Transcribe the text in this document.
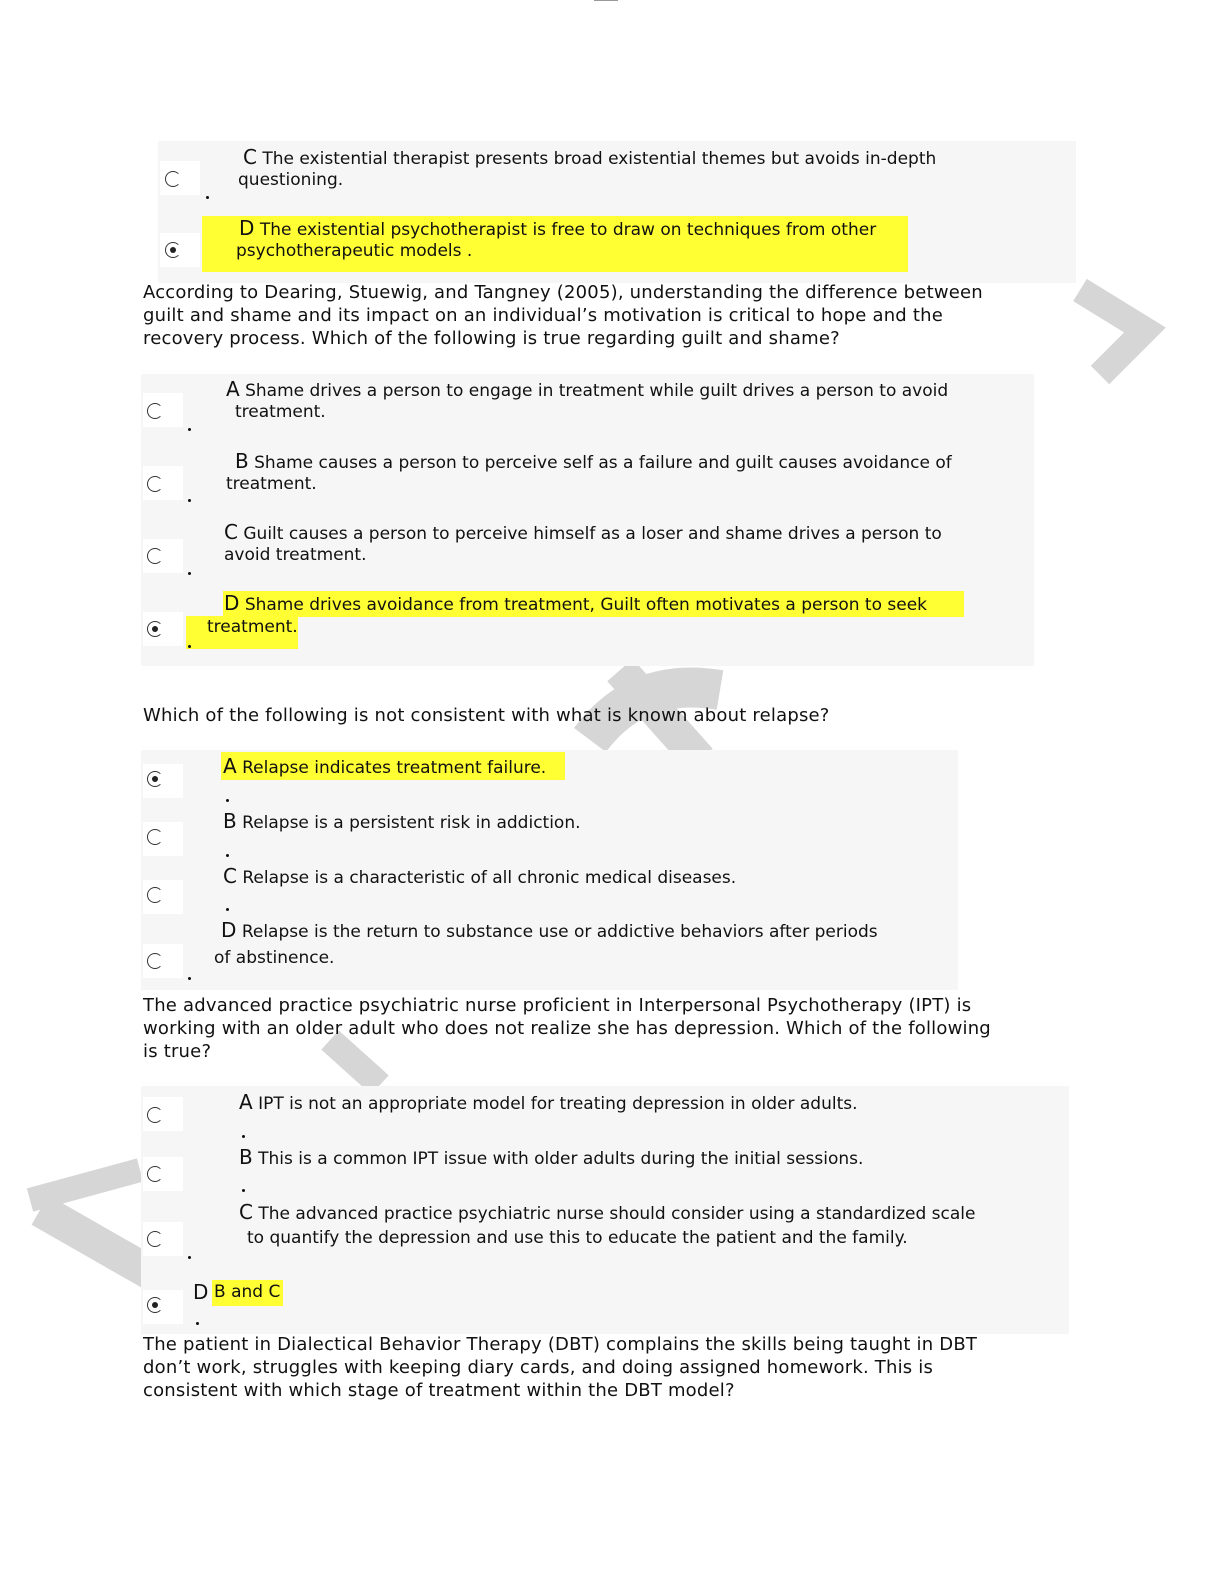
C The existential therapist presents broad existential themes but avoids in-depth
questioning.
D The existential psychotherapist is free to draw on techniques from other
psychotherapeutic models .
According to Dearing, Stuewig, and Tangney (2005), understanding the difference between
guilt and shame and its impact on an individual’s motivation is critical to hope and the
recovery process. Which of the following is true regarding guilt and shame?
A Shame drives a person to engage in treatment while guilt drives a person to avoid
treatment.
B Shame causes a person to perceive self as a failure and guilt causes avoidance of
treatment.
C Guilt causes a person to perceive himself as a loser and shame drives a person to
avoid treatment.
D Shame drives avoidance from treatment, Guilt often motivates a person to seek
treatment.
Which of the following is not consistent with what is known about relapse?
A Relapse indicates treatment failure.
B Relapse is a persistent risk in addiction.
C Relapse is a characteristic of all chronic medical diseases.
D Relapse is the return to substance use or addictive behaviors after periods
of abstinence.
The advanced practice psychiatric nurse proficient in Interpersonal Psychotherapy (IPT) is
working with an older adult who does not realize she has depression. Which of the following
is true?
A IPT is not an appropriate model for treating depression in older adults.
B This is a common IPT issue with older adults during the initial sessions.
C The advanced practice psychiatric nurse should consider using a standardized scale
to quantify the depression and use this to educate the patient and the family.
D B and C
The patient in Dialectical Behavior Therapy (DBT) complains the skills being taught in DBT
don’t work, struggles with keeping diary cards, and doing assigned homework. This is
consistent with which stage of treatment within the DBT model?
